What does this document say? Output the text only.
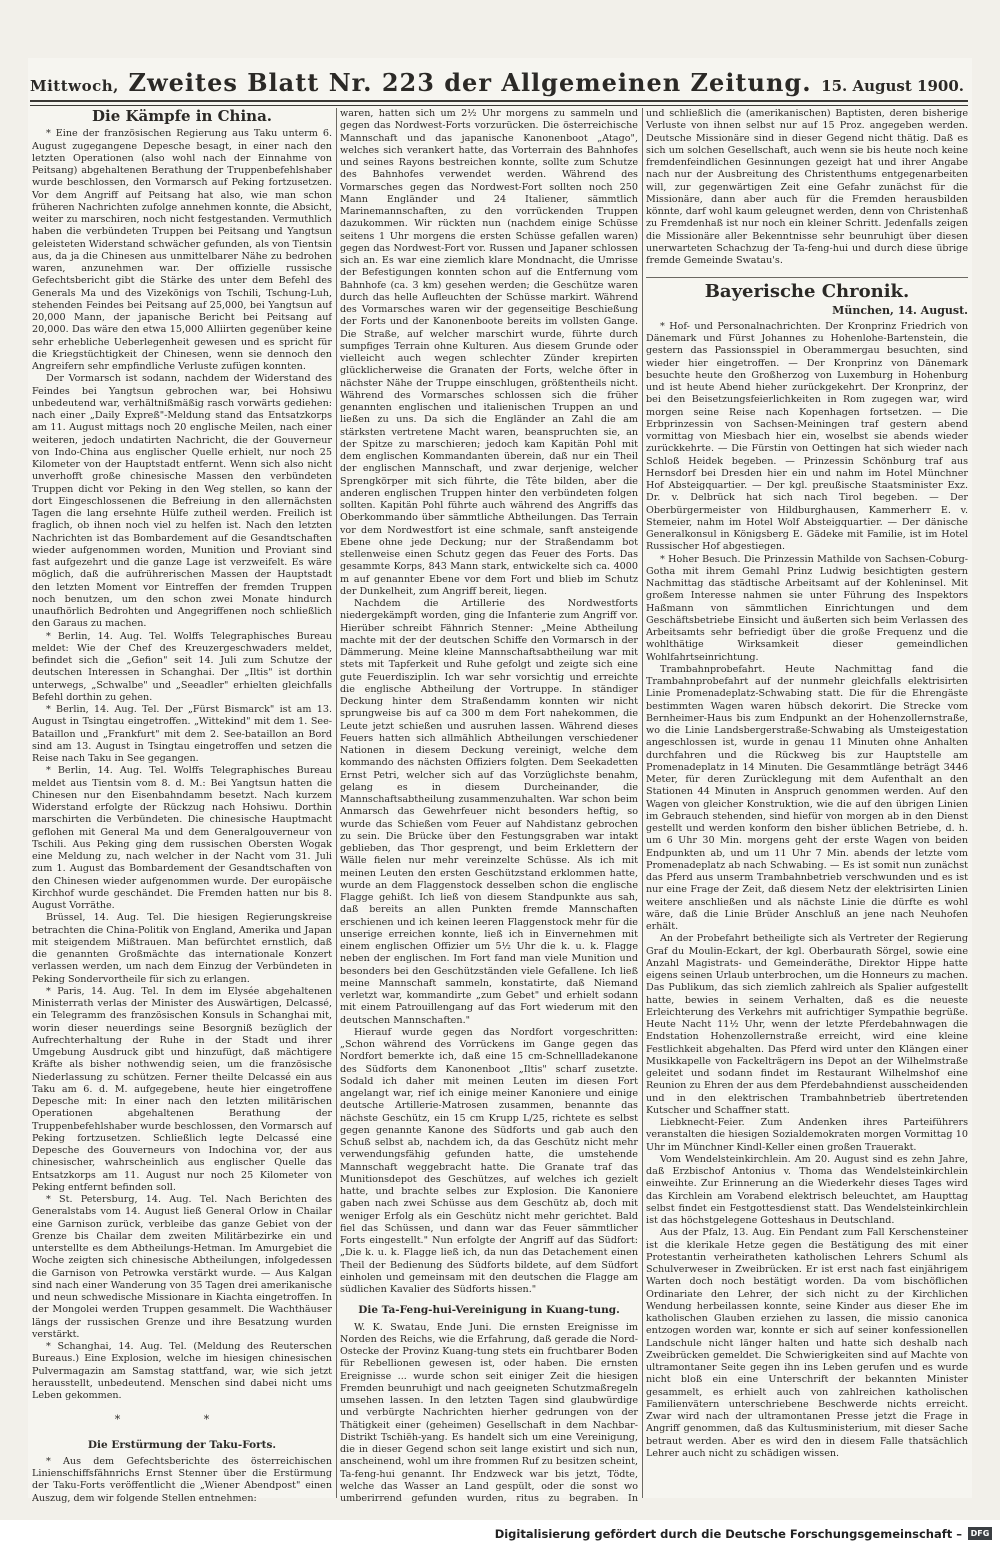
Mittwoch, Zweites Blatt Nr. 223 der Allgemeinen Zeitung. 15. August 1900.
Die Kämpfe in China.

* Eine der französischen Regierung aus Taku unterm 6. August zugegangene Depesche besagt, in einer nach den letzten Operationen (also wohl nach der Einnahme von Peitsang) abgehaltenen Berathung der Truppenbefehlshaber wurde beschlossen, den Vormarsch auf Peking fortzusetzen. Vor dem Angriff auf Peitsang hat also, wie man schon früheren Nachrichten zufolge annehmen konnte, die Absicht, weiter zu marschiren, noch nicht festgestanden. Vermuthlich haben die verbündeten Truppen bei Peitsang und Yangtsun geleisteten Widerstand schwächer gefunden, als von Tientsin aus, da ja die Chinesen aus unmittelbarer Nähe zu bedrohen waren, anzunehmen war. Der offizielle russische Gefechtsbericht gibt die Stärke des unter dem Befehl des Generals Ma und des Vizekönigs von Tschili, Tschung-Luh, stehenden Feindes bei Peitsang auf 25,000, bei Yangtsun auf 20,000 Mann, der japanische Bericht bei Peitsang auf 20,000. Das wäre den etwa 15,000 Alliirten gegenüber keine sehr erhebliche Ueberlegenheit gewesen und es spricht für die Kriegstüchtigkeit der Chinesen, wenn sie dennoch den Angreifern sehr empfindliche Verluste zufügen konnten.

Der Vormarsch ist sodann, nachdem der Widerstand des Feindes bei Yangtsun gebrochen war, bei Hohsiwu unbedeutend war, verhältnißmäßig rasch vorwärts gediehen: nach einer „Daily Expreß"-Meldung stand das Entsatzkorps am 11. August mittags noch 20 englische Meilen, nach einer weiteren, jedoch undatirten Nachricht, die der Gouverneur von Indo-China aus englischer Quelle erhielt, nur noch 25 Kilometer von der Hauptstadt entfernt. Wenn sich also nicht unverhofft große chinesische Massen den verbündeten Truppen dicht vor Peking in den Weg stellen, so kann der dort Eingeschlossenen die Befreiung in den allernächsten Tagen die lang ersehnte Hülfe zutheil werden. Freilich ist fraglich, ob ihnen noch viel zu helfen ist. Nach den letzten Nachrichten ist das Bombardement auf die Gesandtschaften wieder aufgenommen worden, Munition und Proviant sind fast aufgezehrt und die ganze Lage ist verzweifelt. Es wäre möglich, daß die aufrührerischen Massen der Hauptstadt den letzten Moment vor Eintreffen der fremden Truppen noch benutzen, um den schon zwei Monate hindurch unaufhörlich Bedrohten und Angegriffenen noch schließlich den Garaus zu machen.

* Berlin, 14. Aug. Tel. Wolffs Telegraphisches Bureau meldet: Wie der Chef des Kreuzergeschwaders meldet, befindet sich die „Gefion" seit 14. Juli zum Schutze der deutschen Interessen in Schanghai. Der „Iltis" ist dorthin unterwegs, „Schwalbe" und „Seeadler" erhielten gleichfalls Befehl dorthin zu gehen.

* Berlin, 14. Aug. Tel. Der „Fürst Bismarck" ist am 13. August in Tsingtau eingetroffen. „Wittekind" mit dem 1. See-Bataillon und „Frankfurt" mit dem 2. See-bataillon an Bord sind am 13. August in Tsingtau eingetroffen und setzen die Reise nach Taku in See gegangen.

* Berlin, 14. Aug. Tel. Wolffs Telegraphisches Bureau meldet aus Tientsin vom 8. d. M.: Bei Yangtsun hatten die Chinesen nur den Eisenbahndamm besetzt. Nach kurzem Widerstand erfolgte der Rückzug nach Hohsiwu. Dorthin marschirten die Verbündeten. Die chinesische Hauptmacht geflohen mit General Ma und dem Generalgouverneur von Tschili. Aus Peking ging dem russischen Obersten Wogak eine Meldung zu, nach welcher in der Nacht vom 31. Juli zum 1. August das Bombardement der Gesandtschaften von den Chinesen wieder aufgenommen wurde. Der europäische Kirchhof wurde geschändet. Die Fremden hatten nur bis 8. August Vorräthe.

Brüssel, 14. Aug. Tel. Die hiesigen Regierungskreise betrachten die China-Politik von England, Amerika und Japan mit steigendem Mißtrauen. Man befürchtet ernstlich, daß die genannten Großmächte das internationale Konzert verlassen werden, um nach dem Einzug der Verbündeten in Peking Sondervortheile für sich zu erlangen.

* Paris, 14. Aug. Tel. In dem im Elysée abgehaltenen Ministerrath verlas der Minister des Auswärtigen, Delcassé, ein Telegramm des französischen Konsuls in Schanghai mit, worin dieser neuerdings seine Besorgniß bezüglich der Aufrechterhaltung der Ruhe in der Stadt und ihrer Umgebung Ausdruck gibt und hinzufügt, daß mächtigere Kräfte als bisher nothwendig seien, um die französische Niederlassung zu schützen. Ferner theilte Delcassé ein aus Taku am 6. d. M. aufgegebene, heute hier eingetroffene Depesche mit: In einer nach den letzten militärischen Operationen abgehaltenen Berathung der Truppenbefehlshaber wurde beschlossen, den Vormarsch auf Peking fortzusetzen. Schließlich legte Delcassé eine Depesche des Gouverneurs von Indochina vor, der aus chinesischer, wahrscheinlich aus englischer Quelle das Entsatzkorps am 11. August nur noch 25 Kilometer von Peking entfernt befinden soll.

* St. Petersburg, 14. Aug. Tel. Nach Berichten des Generalstabs vom 14. August ließ General Orlow in Chailar eine Garnison zurück, verbleibe das ganze Gebiet von der Grenze bis Chailar dem zweiten Militärbezirke ein und unterstellte es dem Abtheilungs-Hetman. Im Amurgebiet die Woche zeigten sich chinesische Abtheilungen, infolgedessen die Garnison von Petrowka verstärkt wurde. — Aus Kalgan sind nach einer Wanderung von 35 Tagen drei amerikanische und neun schwedische Missionare in Kiachta eingetroffen. In der Mongolei werden Truppen gesammelt. Die Wachthäuser längs der russischen Grenze und ihre Besatzung wurden verstärkt.

* Schanghai, 14. Aug. Tel. (Meldung des Reuterschen Bureaus.) Eine Explosion, welche im hiesigen chinesischen Pulvermagazin am Samstag stattfand, war, wie sich jetzt herausstellt, unbedeutend. Menschen sind dabei nicht ums Leben gekommen.

* *
Die Erstürmung der Taku-Forts.

* Aus dem Gefechtsberichte des österreichischen Linienschiffsfähnrichs Ernst Stenner über die Erstürmung der Taku-Forts veröffentlicht die „Wiener Abendpost" einen Auszug, dem wir folgende Stellen entnehmen:

waren, hatten sich um 2½ Uhr morgens zu sammeln und gegen das Nordwest-Forts vorzurücken. Die österreichische Mannschaft und das japanische Kanonenboot „Atago", welches sich verankert hatte, das Vorterrain des Bahnhofes und seines Rayons bestreichen konnte, sollte zum Schutze des Bahnhofes verwendet werden. Während des Vormarsches gegen das Nordwest-Fort sollten noch 250 Mann Engländer und 24 Italiener, sämmtlich Marinemannschaften, zu den vorrückenden Truppen dazukommen. Wir rückten nun (nachdem einige Schüsse seitens 1 Uhr morgens die ersten Schüsse gefallen waren) gegen das Nordwest-Fort vor. Russen und Japaner schlossen sich an. Es war eine ziemlich klare Mondnacht, die Umrisse der Befestigungen konnten schon auf die Entfernung vom Bahnhofe (ca. 3 km) gesehen werden; die Geschütze waren durch das helle Aufleuchten der Schüsse markirt. Während des Vormarsches waren wir der gegenseitige Beschießung der Forts und der Kanonenboote bereits im vollsten Gange. Die Straße, auf welcher marschirt wurde, führte durch sumpfiges Terrain ohne Kulturen. Aus diesem Grunde oder vielleicht auch wegen schlechter Zünder krepirten glücklicherweise die Granaten der Forts, welche öfter in nächster Nähe der Truppe einschlugen, größtentheils nicht. Während des Vormarsches schlossen sich die früher genannten englischen und italienischen Truppen an und ließen zu uns. Da sich die Engländer an Zahl die am stärksten vertretene Macht waren, beanspruchten sie, an der Spitze zu marschieren; jedoch kam Kapitän Pohl mit dem englischen Kommandanten überein, daß nur ein Theil der englischen Mannschaft, und zwar derjenige, welcher Sprengkörper mit sich führte, die Tête bilden, aber die anderen englischen Truppen hinter den verbündeten folgen sollten. Kapitän Pohl führte auch während des Angriffs das Oberkommando über sämmtliche Abtheilungen. Das Terrain vor dem Nordwestfort ist eine schmale, sanft ansteigende Ebene ohne jede Deckung; nur der Straßendamm bot stellenweise einen Schutz gegen das Feuer des Forts. Das gesammte Korps, 843 Mann stark, entwickelte sich ca. 4000 m auf genannter Ebene vor dem Fort und blieb im Schutz der Dunkelheit, zum Angriff bereit, liegen.

Nachdem die Artillerie des Nordwestforts niedergekämpft worden, ging die Infanterie zum Angriff vor. Hierüber schreibt Fähnrich Stenner: „Meine Abtheilung machte mit der der deutschen Schiffe den Vormarsch in der Dämmerung. Meine kleine Mannschaftsabtheilung war mit stets mit Tapferkeit und Ruhe gefolgt und zeigte sich eine gute Feuerdisziplin. Ich war sehr vorsichtig und erreichte die englische Abtheilung der Vortruppe. In ständiger Deckung hinter dem Straßendamm konnten wir nicht sprungweise bis auf ca 300 m dem Fort nahekommen, die Leute jetzt schießen und ausruhen lassen. Während dieses Feuers hatten sich allmählich Abtheilungen verschiedener Nationen in diesem Deckung vereinigt, welche dem kommando des nächsten Offiziers folgten. Dem Seekadetten Ernst Petri, welcher sich auf das Vorzüglichste benahm, gelang es in diesem Durcheinander, die Mannschaftsabtheilung zusammenzuhalten. War schon beim Anmarsch das Gewehrfeuer nicht besonders heftig, so wurde das Schießen vom Feuer auf Nahdistanz gebrochen zu sein. Die Brücke über den Festungsgraben war intakt geblieben, das Thor gesprengt, und beim Erklettern der Wälle fielen nur mehr vereinzelte Schüsse. Als ich mit meinen Leuten den ersten Geschützstand erklommen hatte, wurde an dem Flaggenstock desselben schon die englische Flagge gehißt. Ich ließ von diesem Standpunkte aus sah, daß bereits an allen Punkten fremde Mannschaften erschienen und ich keinen leeren Flaggenstock mehr für die unserige erreichen konnte, ließ ich in Einvernehmen mit einem englischen Offizier um 5½ Uhr die k. u. k. Flagge neben der englischen. Im Fort fand man viele Munition und besonders bei den Geschützständen viele Gefallene. Ich ließ meine Mannschaft sammeln, konstatirte, daß Niemand verletzt war, kommandirte „zum Gebet" und erhielt sodann mit einem Patrouillengang auf das Fort wiederum mit den deutschen Mannschaften."

Hierauf wurde gegen das Nordfort vorgeschritten: „Schon während des Vorrückens im Gange gegen das Nordfort bemerkte ich, daß eine 15 cm-Schnellladekanone des Südforts dem Kanonenboot „Iltis" scharf zusetzte. Sodald ich daher mit meinen Leuten im diesen Fort angelangt war, rief ich einige meiner Kanoniere und einige deutsche Artillerie-Matrosen zusammen, benannte das nächste Geschütz, ein 15 cm Krupp L/25, richtete es selbst gegen genannte Kanone des Südforts und gab auch den Schuß selbst ab, nachdem ich, da das Geschütz nicht mehr verwendungsfähig gefunden hatte, die umstehende Mannschaft weggebracht hatte. Die Granate traf das Munitionsdepot des Geschützes, auf welches ich gezielt hatte, und brachte selbes zur Explosion. Die Kanoniere gaben nach zwei Schüsse aus dem Geschütz ab, doch mit weniger Erfolg als ein Geschütz nicht mehr gerichtet. Bald fiel das Schüssen, und dann war das Feuer sämmtlicher Forts eingestellt." Nun erfolgte der Angriff auf das Südfort: „Die k. u. k. Flagge ließ ich, da nun das Detachement einen Theil der Bedienung des Südforts bildete, auf dem Südfort einholen und gemeinsam mit den deutschen die Flagge am südlichen Kavalier des Südforts hissen."

Die Ta-Feng-hui-Vereinigung in Kuang-tung.

W. K. Swatau, Ende Juni. Die ernsten Ereignisse im Norden des Reichs, wie die Erfahrung, daß gerade die Nord-Ostecke der Provinz Kuang-tung stets ein fruchtbarer Boden für Rebellionen gewesen ist, oder haben. Die ernsten Ereignisse ... wurde schon seit einiger Zeit die hiesigen Fremden beunruhigt und nach geeigneten Schutzmaßregeln umsehen lassen. In den letzten Tagen sind glaubwürdige und verbürgte Nachrichten hierher gedrungen von der Thätigkeit einer (geheimen) Gesellschaft in dem Nachbar-Distrikt Tschiëh-yang. Es handelt sich um eine Vereinigung, die in dieser Gegend schon seit lange existirt und sich nun, anscheinend, wohl um ihre frommen Ruf zu besitzen scheint, Ta-feng-hui genannt. Ihr Endzweck war bis jetzt, Tödte, welche das Wasser an Land gespült, oder die sonst wo umberirrend gefunden wurden, ritus zu begraben. In

und schließlich die (amerikanischen) Baptisten, deren bisherige Verluste von ihnen selbst nur auf 15 Proz. angegeben werden. Deutsche Missionäre sind in dieser Gegend nicht thätig. Daß es sich um solchen Gesellschaft, auch wenn sie bis heute noch keine fremdenfeindlichen Gesinnungen gezeigt hat und ihrer Angabe nach nur der Ausbreitung des Christenthums entgegenarbeiten will, zur gegenwärtigen Zeit eine Gefahr zunächst für die Missionäre, dann aber auch für die Fremden herausbilden könnte, darf wohl kaum geleugnet werden, denn von Christenhaß zu Fremdenhaß ist nur noch ein kleiner Schritt. Jedenfalls zeigen die Missionäre aller Bekenntnisse sehr beunruhigt über diesen unerwarteten Schachzug der Ta-feng-hui und durch diese übrige fremde Gemeinde Swatau's.

Bayerische Chronik.
München, 14. August.

* Hof- und Personalnachrichten. Der Kronprinz Friedrich von Dänemark und Fürst Johannes zu Hohenlohe-Bartenstein, die gestern das Passionsspiel in Oberammergau besuchten, sind wieder hier eingetroffen. — Der Kronprinz von Dänemark besuchte heute den Großherzog von Luxemburg in Hohenburg und ist heute Abend hieher zurückgekehrt. Der Kronprinz, der bei den Beisetzungsfeierlichkeiten in Rom zugegen war, wird morgen seine Reise nach Kopenhagen fortsetzen. — Die Erbprinzessin von Sachsen-Meiningen traf gestern abend vormittag von Miesbach hier ein, woselbst sie abends wieder zurückkehrte. — Die Fürstin von Oettingen hat sich wieder nach Schloß Heidek begeben. — Prinzessin Schönburg traf aus Hernsdorf bei Dresden hier ein und nahm im Hotel Münchner Hof Absteigquartier. — Der kgl. preußische Staatsminister Exz. Dr. v. Delbrück hat sich nach Tirol begeben. — Der Oberbürgermeister von Hildburghausen, Kammerherr E. v. Stemeier, nahm im Hotel Wolf Absteigquartier. — Der dänische Generalkonsul in Königsberg E. Gädeke mit Familie, ist im Hotel Russischer Hof abgestiegen.

* Hoher Besuch. Die Prinzessin Mathilde von Sachsen-Coburg-Gotha mit ihrem Gemahl Prinz Ludwig besichtigten gestern Nachmittag das städtische Arbeitsamt auf der Kohleninsel. Mit großem Interesse nahmen sie unter Führung des Inspektors Haßmann von sämmtlichen Einrichtungen und dem Geschäftsbetriebe Einsicht und äußerten sich beim Verlassen des Arbeitsamts sehr befriedigt über die große Frequenz und die wohlthätige Wirksamkeit dieser gemeindlichen Wohlfahrtseinrichtung.

Trambahnprobefahrt. Heute Nachmittag fand die Trambahnprobefahrt auf der nunmehr gleichfalls elektrisirten Linie Promenadeplatz-Schwabing statt. Die für die Ehrengäste bestimmten Wagen waren hübsch dekorirt. Die Strecke vom Bernheimer-Haus bis zum Endpunkt an der Hohenzollernstraße, wo die Linie Landsbergerstraße-Schwabing als Umsteigestation angeschlossen ist, wurde in genau 11 Minuten ohne Anhalten durchfahren und die Rückweg bis zur Hauptstelle am Promenadeplatz in 14 Minuten. Die Gesammtlänge beträgt 3446 Meter, für deren Zurücklegung mit dem Aufenthalt an den Stationen 44 Minuten in Anspruch genommen werden. Auf den Wagen von gleicher Konstruktion, wie die auf den übrigen Linien im Gebrauch stehenden, sind hiefür von morgen ab in den Dienst gestellt und werden konform den bisher üblichen Betriebe, d. h. um 6 Uhr 30 Min. morgens geht der erste Wagen von beiden Endpunkten ab, und um 11 Uhr 7 Min. abends der letzte vom Promenadeplatz ab nach Schwabing. — Es ist somit nun zunächst das Pferd aus unserm Trambahnbetrieb verschwunden und es ist nur eine Frage der Zeit, daß diesem Netz der elektrisirten Linien weitere anschließen und als nächste Linie die dürfte es wohl wäre, daß die Linie Brüder Anschluß an jene nach Neuhofen erhält.

An der Probefahrt betheiligte sich als Vertreter der Regierung Graf du Moulin-Eckart, der kgl. Oberbaurath Sörgel, sowie eine Anzahl Magistrats- und Gemeinderäthe, Direktor Hippe hatte eigens seinen Urlaub unterbrochen, um die Honneurs zu machen. Das Publikum, das sich ziemlich zahlreich als Spalier aufgestellt hatte, bewies in seinem Verhalten, daß es die neueste Erleichterung des Verkehrs mit aufrichtiger Sympathie begrüße. Heute Nacht 11½ Uhr, wenn der letzte Pferdebahnwagen die Endstation Hohenzollernstraße erreicht, wird eine kleine Festlichkeit abgehalten. Das Pferd wird unter den Klängen einer Musikkapelle von Fackelträgern ins Depot an der Wilhelmstraße geleitet und sodann findet im Restaurant Wilhelmshof eine Reunion zu Ehren der aus dem Pferdebahndienst ausscheidenden und in den elektrischen Trambahnbetrieb übertretenden Kutscher und Schaffner statt.

Liebknecht-Feier. Zum Andenken ihres Parteiführers veranstalten die hiesigen Sozialdemokraten morgen Vormittag 10 Uhr im Münchner Kindl-Keller einen großen Trauerakt.

Vom Wendelsteinkirchlein. Am 20. August sind es zehn Jahre, daß Erzbischof Antonius v. Thoma das Wendelsteinkirchlein einweihte. Zur Erinnerung an die Wiederkehr dieses Tages wird das Kirchlein am Vorabend elektrisch beleuchtet, am Haupttag selbst findet ein Festgottesdienst statt. Das Wendelsteinkirchlein ist das höchstgelegene Gotteshaus in Deutschland.

Aus der Pfalz, 13. Aug. Ein Pendant zum Fall Kerschensteiner ist die klerikale Hetze gegen die Bestätigung des mit einer Protestantin verheiratheten katholischen Lehrers Schuml als Schulverweser in Zweibrücken. Er ist erst nach fast einjährigem Warten doch noch bestätigt worden. Da vom bischöflichen Ordinariate den Lehrer, der sich nicht zu der Kirchlichen Wendung herbeilassen konnte, seine Kinder aus dieser Ehe im katholischen Glauben erziehen zu lassen, die missio canonica entzogen worden war, konnte er sich auf seiner konfessionellen Landschule nicht länger halten und hatte sich deshalb nach Zweibrücken gemeldet. Die Schwierigkeiten sind auf Machte von ultramontaner Seite gegen ihn ins Leben gerufen und es wurde nicht bloß ein eine Unterschrift der bekannten Minister gesammelt, es erhielt auch von zahlreichen katholischen Familienvätern unterschriebene Beschwerde nichts erreicht. Zwar wird nach der ultramontanen Presse jetzt die Frage in Angriff genommen, daß das Kultusministerium, mit dieser Sache betraut werden. Aber es wird den in diesem Falle thatsächlich Lehrer auch nicht zu schädigen wissen.

Digitalisierung gefördert durch die Deutsche Forschungsgemeinschaft –	DFG
